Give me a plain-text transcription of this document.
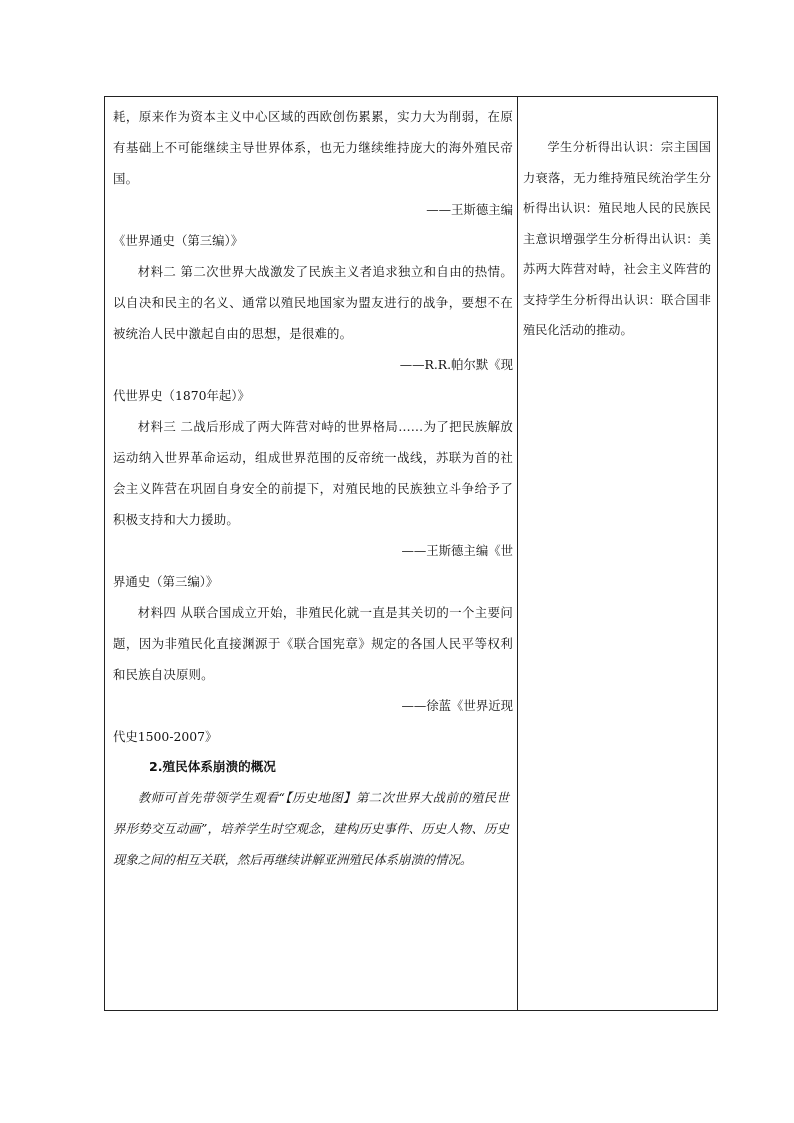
耗，原来作为资本主义中心区域的西欧创伤累累，实力大为削弱，在原有基础上不可能继续主导世界体系，也无力继续维持庞大的海外殖民帝国。

——王斯德主编

《世界通史（第三编）》

材料二 第二次世界大战激发了民族主义者追求独立和自由的热情。以自决和民主的名义、通常以殖民地国家为盟友进行的战争，要想不在被统治人民中激起自由的思想，是很难的。

——R.R.帕尔默《现

代世界史（1870年起）》

材料三 二战后形成了两大阵营对峙的世界格局……为了把民族解放运动纳入世界革命运动，组成世界范围的反帝统一战线，苏联为首的社会主义阵营在巩固自身安全的前提下，对殖民地的民族独立斗争给予了积极支持和大力援助。

——王斯德主编《世

界通史（第三编）》

材料四 从联合国成立开始，非殖民化就一直是其关切的一个主要问题，因为非殖民化直接渊源于《联合国宪章》规定的各国人民平等权利和民族自决原则。

——徐蓝《世界近现

代史1500-2007》

2.殖民体系崩溃的概况

教师可首先带领学生观看“【历史地图】第二次世界大战前的殖民世界形势交互动画”，培养学生时空观念，建构历史事件、历史人物、历史现象之间的相互关联，然后再继续讲解亚洲殖民体系崩溃的情况。

学生分析得出认识：宗主国国力衰落，无力维持殖民统治学生分析得出认识：殖民地人民的民族民主意识增强学生分析得出认识：美苏两大阵营对峙，社会主义阵营的支持学生分析得出认识：联合国非殖民化活动的推动。
